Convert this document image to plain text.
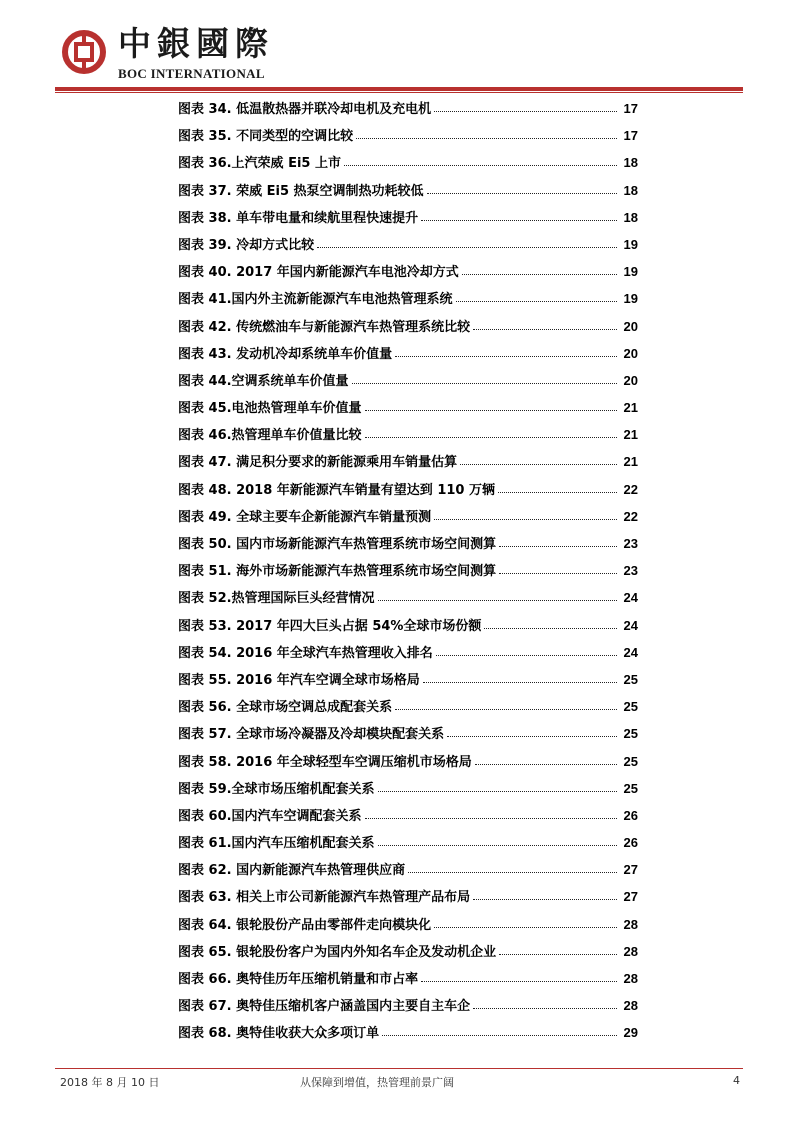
中銀國際
BOC INTERNATIONAL
图表 34. 低温散热器并联冷却电机及充电机	17
图表 35. 不同类型的空调比较	17
图表 36.上汽荣威 Ei5 上市	18
图表 37. 荣威 Ei5 热泵空调制热功耗较低	18
图表 38. 单车带电量和续航里程快速提升	18
图表 39. 冷却方式比较	19
图表 40. 2017 年国内新能源汽车电池冷却方式	19
图表 41.国内外主流新能源汽车电池热管理系统	19
图表 42. 传统燃油车与新能源汽车热管理系统比较	20
图表 43. 发动机冷却系统单车价值量	20
图表 44.空调系统单车价值量	20
图表 45.电池热管理单车价值量	21
图表 46.热管理单车价值量比较	21
图表 47. 满足积分要求的新能源乘用车销量估算	21
图表 48. 2018 年新能源汽车销量有望达到 110 万辆	22
图表 49. 全球主要车企新能源汽车销量预测	22
图表 50. 国内市场新能源汽车热管理系统市场空间测算	23
图表 51. 海外市场新能源汽车热管理系统市场空间测算	23
图表 52.热管理国际巨头经营情况	24
图表 53. 2017 年四大巨头占据 54%全球市场份额	24
图表 54. 2016 年全球汽车热管理收入排名	24
图表 55. 2016 年汽车空调全球市场格局	25
图表 56. 全球市场空调总成配套关系	25
图表 57. 全球市场冷凝器及冷却模块配套关系	25
图表 58. 2016 年全球轻型车空调压缩机市场格局	25
图表 59.全球市场压缩机配套关系	25
图表 60.国内汽车空调配套关系	26
图表 61.国内汽车压缩机配套关系	26
图表 62. 国内新能源汽车热管理供应商	27
图表 63. 相关上市公司新能源汽车热管理产品布局	27
图表 64. 银轮股份产品由零部件走向模块化	28
图表 65. 银轮股份客户为国内外知名车企及发动机企业	28
图表 66. 奥特佳历年压缩机销量和市占率	28
图表 67. 奥特佳压缩机客户涵盖国内主要自主车企	28
图表 68. 奥特佳收获大众多项订单	29
2018 年 8 月 10 日	从保障到增值，热管理前景广阔	4
